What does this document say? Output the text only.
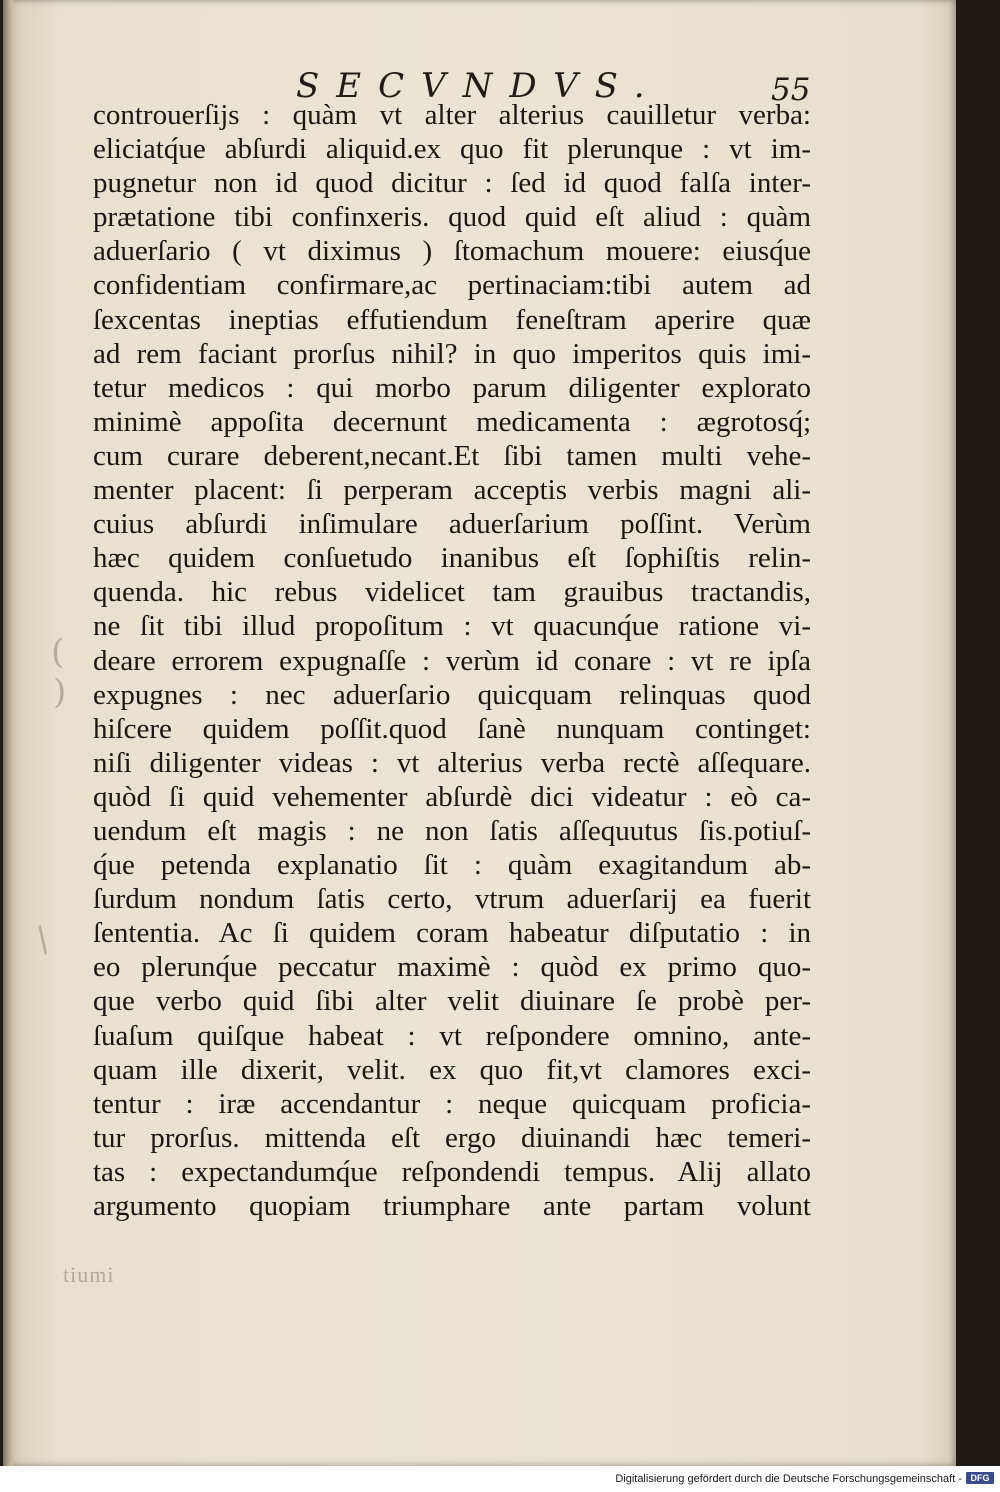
SECVNDVS.	55
(
)
/
controuerſijs : quàm vt alter alterius cauilletur verba:
eliciatq́ue abſurdi aliquid.ex quo fit plerunque : vt im-
pugnetur non id quod dicitur : ſed id quod falſa inter-
prætatione tibi confinxeris. quod quid eſt aliud : quàm
aduerſario ( vt diximus ) ſtomachum mouere: eiusq́ue
confidentiam confirmare,ac pertinaciam:tibi autem ad
ſexcentas ineptias effutiendum feneſtram aperire quæ
ad rem faciant prorſus nihil? in quo imperitos quis imi-
tetur medicos : qui morbo parum diligenter explorato
minimè appoſita decernunt medicamenta : ægrotosq́;
cum curare deberent,necant.Et ſibi tamen multi vehe-
menter placent: ſi perperam acceptis verbis magni ali-
cuius abſurdi inſimulare aduerſarium poſſint. Verùm
hæc quidem conſuetudo inanibus eſt ſophiſtis relin-
quenda. hic rebus videlicet tam grauibus tractandis,
ne ſit tibi illud propoſitum : vt quacunq́ue ratione vi-
deare errorem expugnaſſe : verùm id conare : vt re ipſa
expugnes : nec aduerſario quicquam relinquas quod
hiſcere quidem poſſit.quod ſanè nunquam continget:
niſi diligenter videas : vt alterius verba rectè aſſequare.
quòd ſi quid vehementer abſurdè dici videatur : eò ca-
uendum eſt magis : ne non ſatis aſſequutus ſis.potiuſ-
q́ue petenda explanatio ſit : quàm exagitandum ab-
ſurdum nondum ſatis certo, vtrum aduerſarij ea fuerit
ſententia. Ac ſi quidem coram habeatur diſputatio : in
eo plerunq́ue peccatur maximè : quòd ex primo quo-
que verbo quid ſibi alter velit diuinare ſe probè per-
ſuaſum quiſque habeat : vt reſpondere omnino, ante-
quam ille dixerit, velit. ex quo fit,vt clamores exci-
tentur : iræ accendantur : neque quicquam proficia-
tur prorſus. mittenda eſt ergo diuinandi hæc temeri-
tas : expectandumq́ue reſpondendi tempus. Alij allato
argumento quopiam triumphare ante partam volunt
tiumi
Digitalisierung gefördert durch die Deutsche Forschungsgemeinschaft - DFG
